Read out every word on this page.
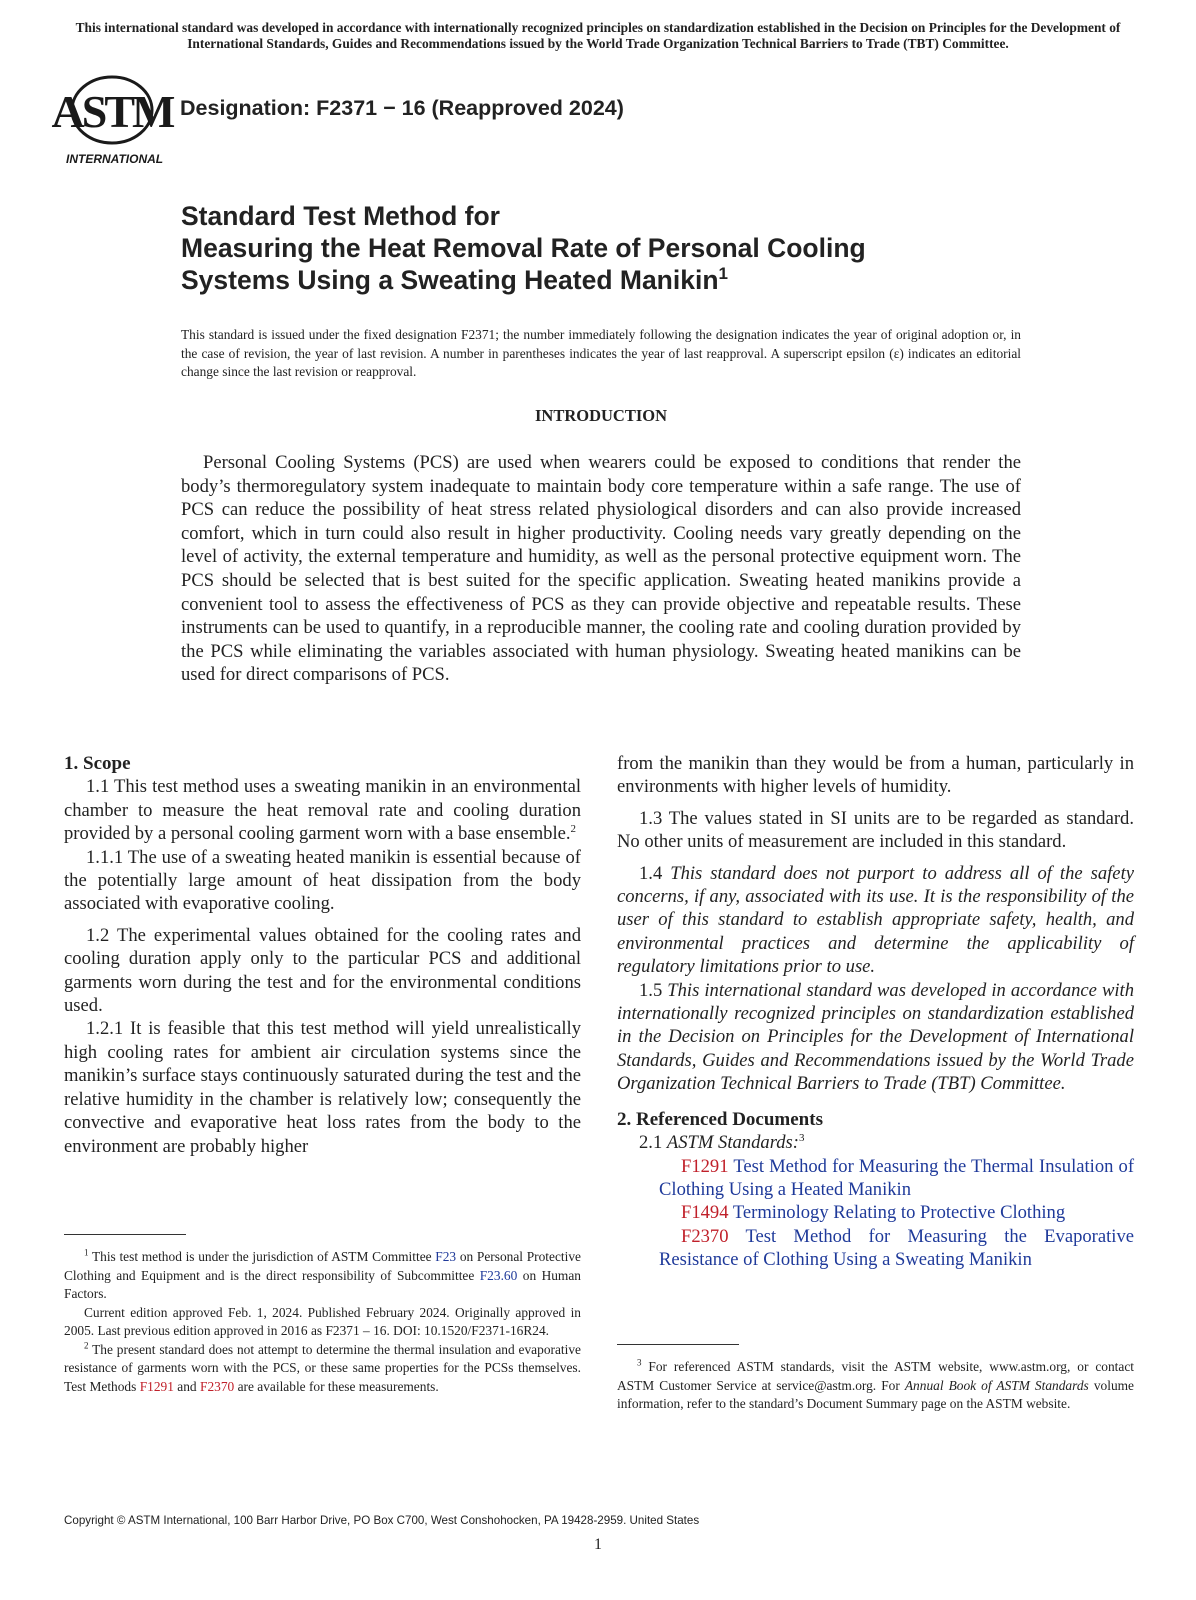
This international standard was developed in accordance with internationally recognized principles on standardization established in the Decision on Principles for the Development of International Standards, Guides and Recommendations issued by the World Trade Organization Technical Barriers to Trade (TBT) Committee.
ASTM
INTERNATIONAL
Designation: F2371 − 16 (Reapproved 2024)
Standard Test Method for
Measuring the Heat Removal Rate of Personal Cooling
Systems Using a Sweating Heated Manikin$^1$
This standard is issued under the fixed designation F2371; the number immediately following the designation indicates the year of original adoption or, in the case of revision, the year of last revision. A number in parentheses indicates the year of last reapproval. A superscript epsilon (ε) indicates an editorial change since the last revision or reapproval.
INTRODUCTION
Personal Cooling Systems (PCS) are used when wearers could be exposed to conditions that render the body’s thermoregulatory system inadequate to maintain body core temperature within a safe range. The use of PCS can reduce the possibility of heat stress related physiological disorders and can also provide increased comfort, which in turn could also result in higher productivity. Cooling needs vary greatly depending on the level of activity, the external temperature and humidity, as well as the personal protective equipment worn. The PCS should be selected that is best suited for the specific application. Sweating heated manikins provide a convenient tool to assess the effectiveness of PCS as they can provide objective and repeatable results. These instruments can be used to quantify, in a reproducible manner, the cooling rate and cooling duration provided by the PCS while eliminating the variables associated with human physiology. Sweating heated manikins can be used for direct comparisons of PCS.

1. Scope

1.1 This test method uses a sweating manikin in an environmental chamber to measure the heat removal rate and cooling duration provided by a personal cooling garment worn with a base ensemble.$^2$

1.1.1 The use of a sweating heated manikin is essential because of the potentially large amount of heat dissipation from the body associated with evaporative cooling.

1.2 The experimental values obtained for the cooling rates and cooling duration apply only to the particular PCS and additional garments worn during the test and for the environmental conditions used.

1.2.1 It is feasible that this test method will yield unrealistically high cooling rates for ambient air circulation systems since the manikin’s surface stays continuously saturated during the test and the relative humidity in the chamber is relatively low; consequently the convective and evaporative heat loss rates from the body to the environment are probably higher

from the manikin than they would be from a human, particularly in environments with higher levels of humidity.

1.3 The values stated in SI units are to be regarded as standard. No other units of measurement are included in this standard.

1.4 This standard does not purport to address all of the safety concerns, if any, associated with its use. It is the responsibility of the user of this standard to establish appropriate safety, health, and environmental practices and determine the applicability of regulatory limitations prior to use.

1.5 This international standard was developed in accordance with internationally recognized principles on standardization established in the Decision on Principles for the Development of International Standards, Guides and Recommendations issued by the World Trade Organization Technical Barriers to Trade (TBT) Committee.

2. Referenced Documents

2.1 ASTM Standards:$^3$

F1291 Test Method for Measuring the Thermal Insulation of Clothing Using a Heated Manikin

F1494 Terminology Relating to Protective Clothing

F2370 Test Method for Measuring the Evaporative Resistance of Clothing Using a Sweating Manikin

$^1$ This test method is under the jurisdiction of ASTM Committee F23 on Personal Protective Clothing and Equipment and is the direct responsibility of Subcommittee F23.60 on Human Factors.

Current edition approved Feb. 1, 2024. Published February 2024. Originally approved in 2005. Last previous edition approved in 2016 as F2371 – 16. DOI: 10.1520/F2371-16R24.

$^2$ The present standard does not attempt to determine the thermal insulation and evaporative resistance of garments worn with the PCS, or these same properties for the PCSs themselves. Test Methods F1291 and F2370 are available for these measurements.

$^3$ For referenced ASTM standards, visit the ASTM website, www.astm.org, or contact ASTM Customer Service at service@astm.org. For Annual Book of ASTM Standards volume information, refer to the standard’s Document Summary page on the ASTM website.

Copyright © ASTM International, 100 Barr Harbor Drive, PO Box C700, West Conshohocken, PA 19428-2959. United States
1
